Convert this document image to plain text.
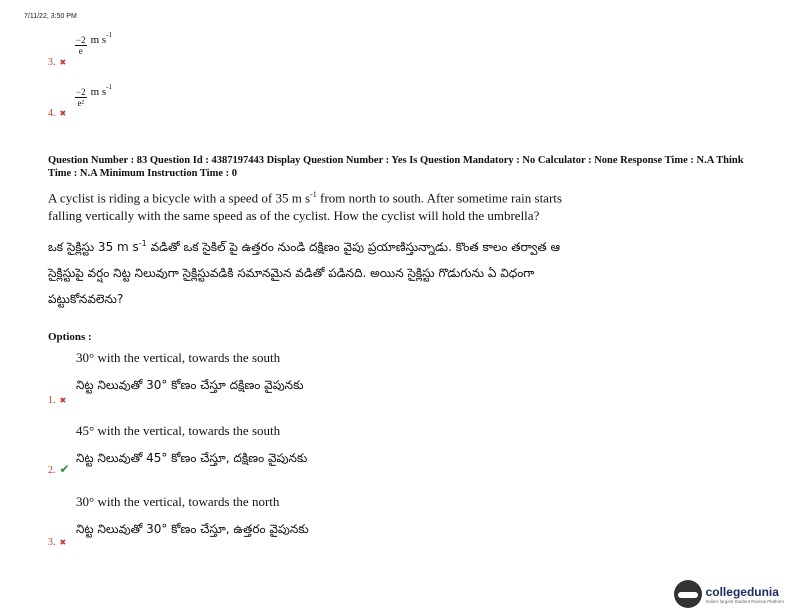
7/11/22, 3:50 PM
$\frac{-2}{e}$ m $s^{-1}$
3. ✖
$\frac{-2}{\text{e²}}$ m $s^{-1}$
4. ✖
Question Number : 83 Question Id : 4387197443 Display Question Number : Yes Is Question Mandatory : No Calculator : None Response Time : N.A Think Time : N.A Minimum Instruction Time : 0
A cyclist is riding a bicycle with a speed of 35 m $s^{-1}$ from north to south. After sometime rain starts falling vertically with the same speed as of the cyclist. How the cyclist will hold the umbrella?
ఒక సైక్లిస్టు 35 m $s^{-1}$ వడితో ఒక సైకిల్ పై ఉత్తరం నుండి దక్షిణం వైపు ప్రయాణిస్తున్నాడు. కొంత కాలం తర్వాత ఆ సైక్లిస్టుపై వర్షం నిట్ట నిలువుగా సైక్లిస్టువడికి సమానమైన వడితో పడినది. అయిన సైక్లిస్టు గొడుగును ఏ విధంగా పట్టుకోనవలెను?
Options :
30° with the vertical, towards the south
నిట్ట నిలువుతో 30° కోణం చేస్తూ దక్షిణం వైపునకు
1. ✖
45° with the vertical, towards the south
నిట్ట నిలువుతో 45° కోణం చేస్తూ, దక్షిణం వైపునకు
2. ✔
30° with the vertical, towards the north
నిట్ట నిలువుతో 30° కోణం చేస్తూ, ఉత్తరం వైపునకు
3. ✖
collegedunia
India's largest Student Review Platform
